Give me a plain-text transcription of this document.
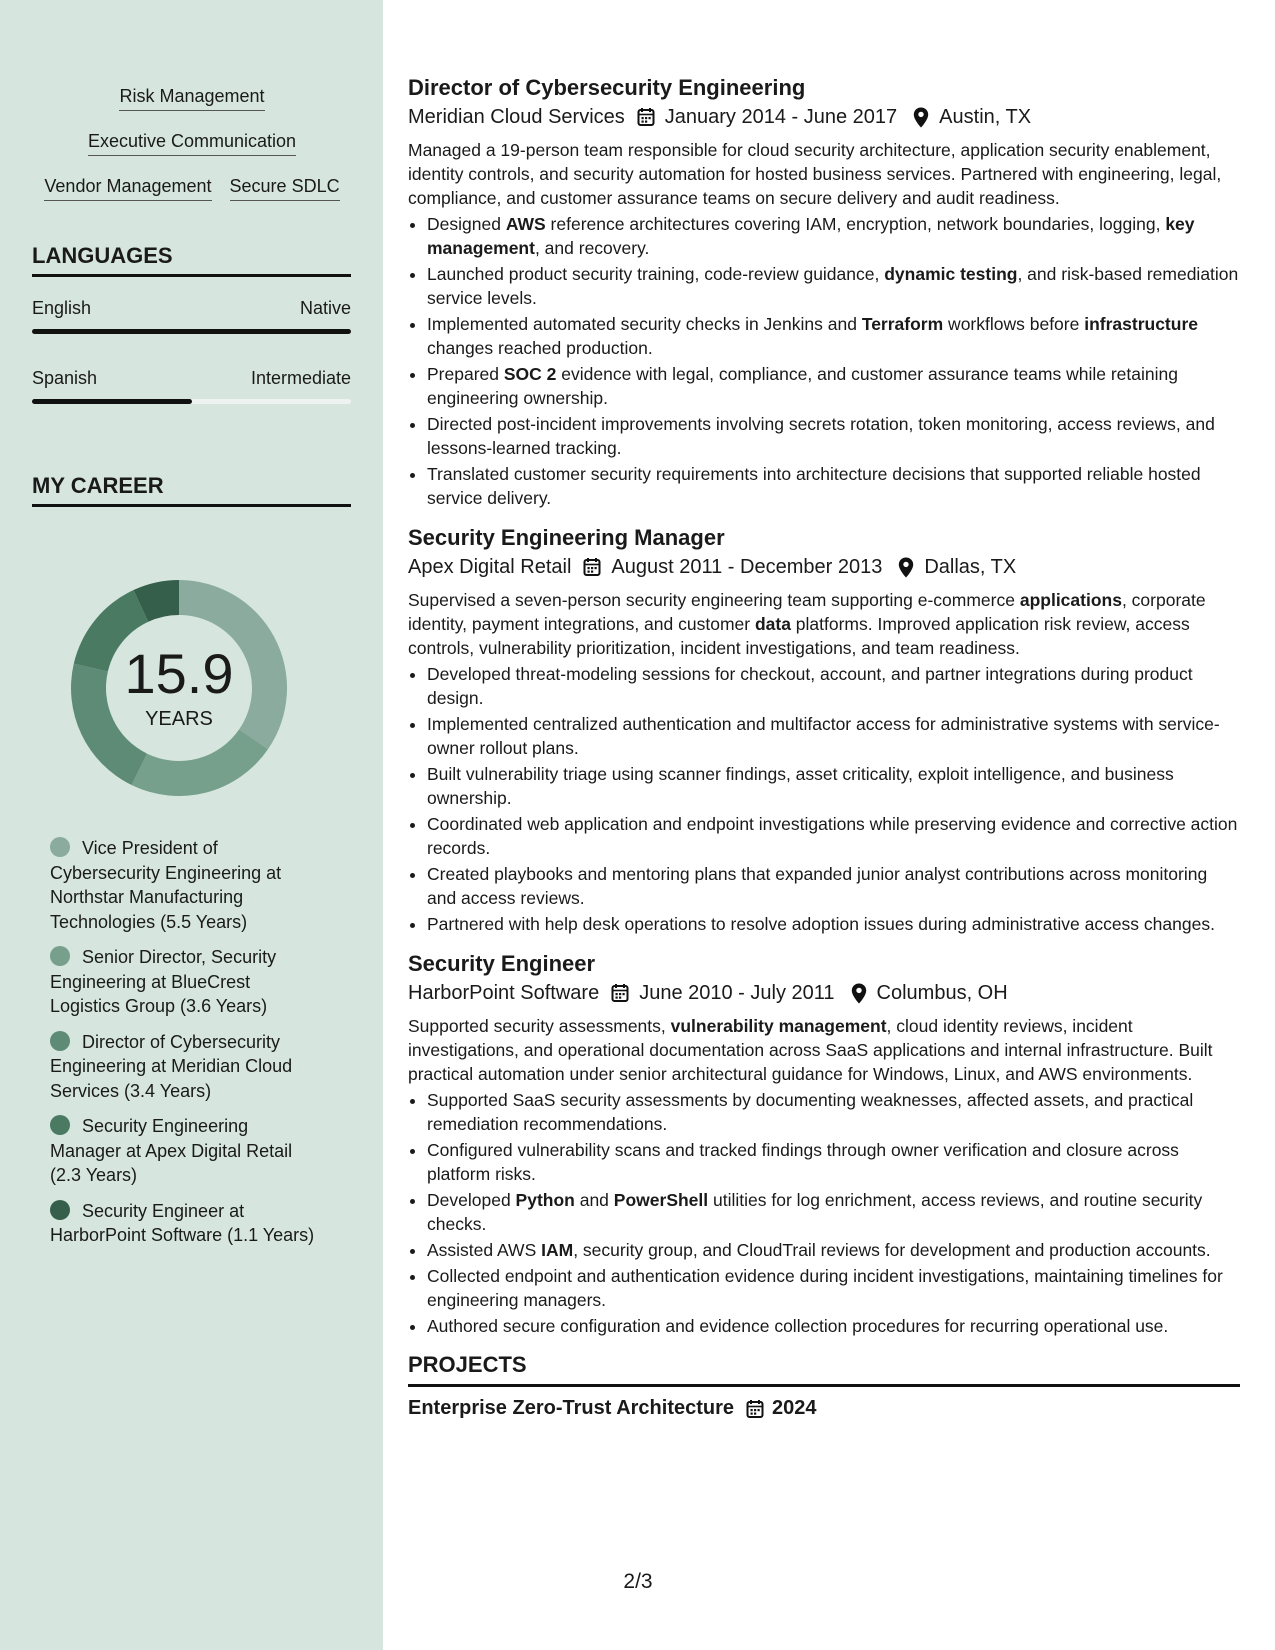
Risk Management
Executive Communication
Vendor Management Secure SDLC
LANGUAGES
English	Native
Spanish	Intermediate
MY CAREER
15.9
YEARS
Vice President of Cybersecurity Engineering at Northstar Manufacturing Technologies (5.5 Years)
Senior Director, Security Engineering at BlueCrest Logistics Group (3.6 Years)
Director of Cybersecurity Engineering at Meridian Cloud Services (3.4 Years)
Security Engineering Manager at Apex Digital Retail (2.3 Years)
Security Engineer at HarborPoint Software (1.1 Years)
Director of Cybersecurity Engineering
Meridian Cloud Services January 2014 - June 2017 Austin, TX
Managed a 19-person team responsible for cloud security architecture, application security enablement, identity controls, and security automation for hosted business services. Partnered with engineering, legal, compliance, and customer assurance teams on secure delivery and audit readiness.
• Designed AWS reference architectures covering IAM, encryption, network boundaries, logging, key management, and recovery.
• Launched product security training, code-review guidance, dynamic testing, and risk-based remediation service levels.
• Implemented automated security checks in Jenkins and Terraform workflows before infrastructure changes reached production.
• Prepared SOC 2 evidence with legal, compliance, and customer assurance teams while retaining engineering ownership.
• Directed post-incident improvements involving secrets rotation, token monitoring, access reviews, and lessons-learned tracking.
• Translated customer security requirements into architecture decisions that supported reliable hosted service delivery.
Security Engineering Manager
Apex Digital Retail August 2011 - December 2013 Dallas, TX
Supervised a seven-person security engineering team supporting e-commerce applications, corporate identity, payment integrations, and customer data platforms. Improved application risk review, access controls, vulnerability prioritization, incident investigations, and team readiness.
• Developed threat-modeling sessions for checkout, account, and partner integrations during product design.
• Implemented centralized authentication and multifactor access for administrative systems with service-owner rollout plans.
• Built vulnerability triage using scanner findings, asset criticality, exploit intelligence, and business ownership.
• Coordinated web application and endpoint investigations while preserving evidence and corrective action records.
• Created playbooks and mentoring plans that expanded junior analyst contributions across monitoring and access reviews.
• Partnered with help desk operations to resolve adoption issues during administrative access changes.
Security Engineer
HarborPoint Software June 2010 - July 2011 Columbus, OH
Supported security assessments, vulnerability management, cloud identity reviews, incident investigations, and operational documentation across SaaS applications and internal infrastructure. Built practical automation under senior architectural guidance for Windows, Linux, and AWS environments.
• Supported SaaS security assessments by documenting weaknesses, affected assets, and practical remediation recommendations.
• Configured vulnerability scans and tracked findings through owner verification and closure across platform risks.
• Developed Python and PowerShell utilities for log enrichment, access reviews, and routine security checks.
• Assisted AWS IAM, security group, and CloudTrail reviews for development and production accounts.
• Collected endpoint and authentication evidence during incident investigations, maintaining timelines for engineering managers.
• Authored secure configuration and evidence collection procedures for recurring operational use.
PROJECTS
Enterprise Zero-Trust Architecture 2024
2/3
